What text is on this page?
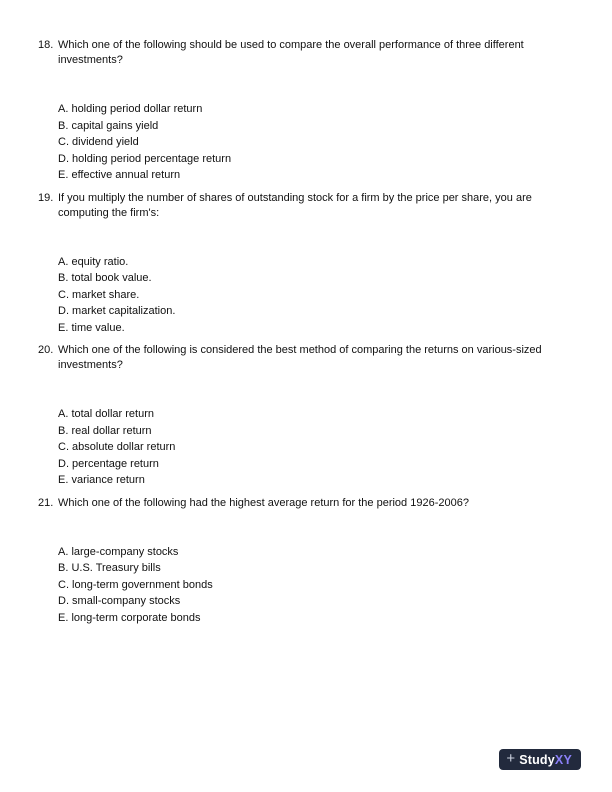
18. Which one of the following should be used to compare the overall performance of three different investments?
A. holding period dollar return
B. capital gains yield
C. dividend yield
D. holding period percentage return
E. effective annual return
19. If you multiply the number of shares of outstanding stock for a firm by the price per share, you are computing the firm's:
A. equity ratio.
B. total book value.
C. market share.
D. market capitalization.
E. time value.
20. Which one of the following is considered the best method of comparing the returns on various-sized investments?
A. total dollar return
B. real dollar return
C. absolute dollar return
D. percentage return
E. variance return
21. Which one of the following had the highest average return for the period 1926-2006?
A. large-company stocks
B. U.S. Treasury bills
C. long-term government bonds
D. small-company stocks
E. long-term corporate bonds
+ StudyXY
